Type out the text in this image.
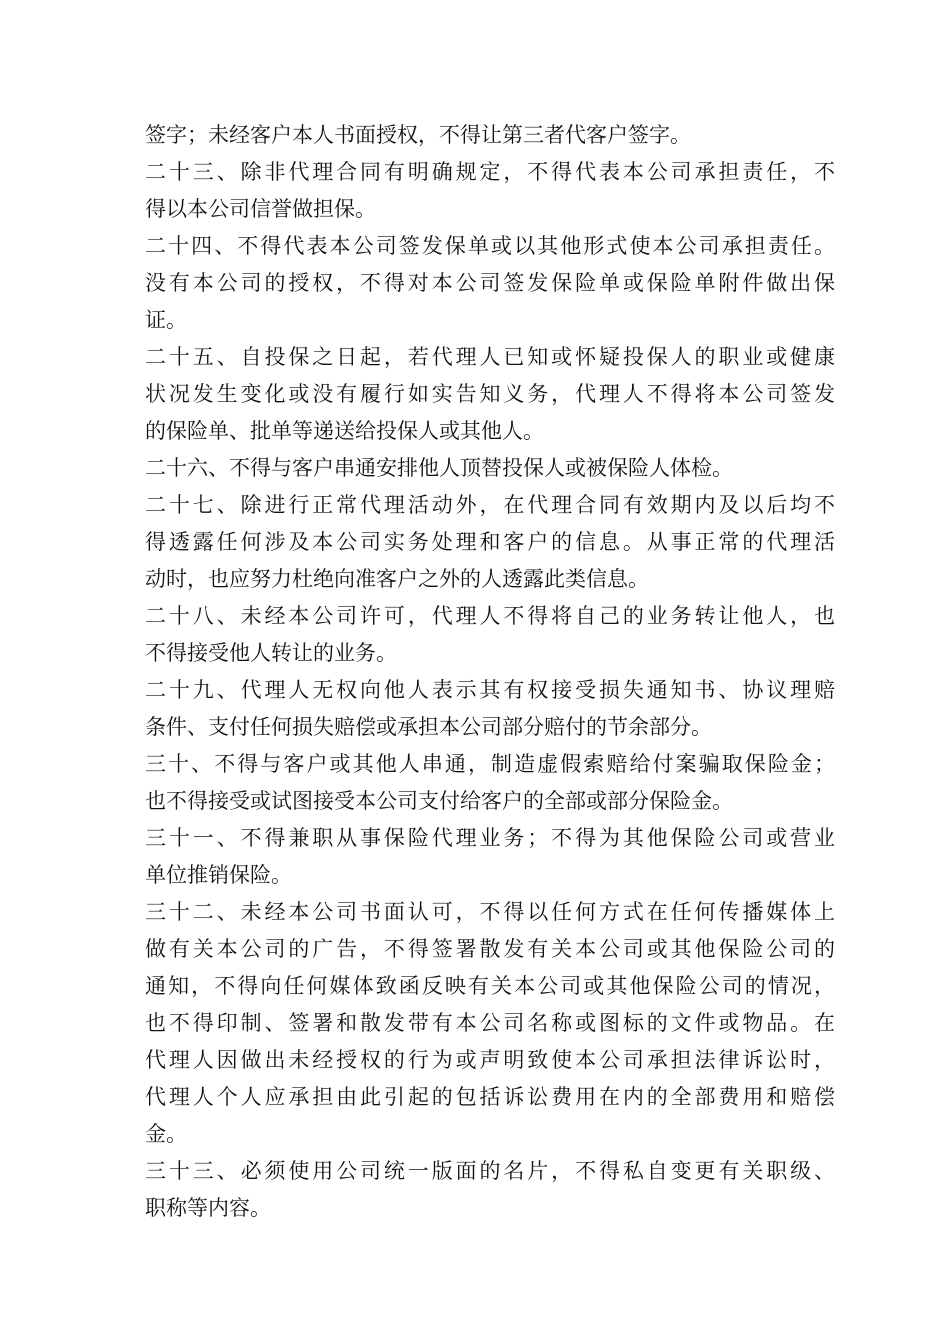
签字；未经客户本人书面授权，不得让第三者代客户签字。
二十三、除非代理合同有明确规定，不得代表本公司承担责任，不
得以本公司信誉做担保。
二十四、不得代表本公司签发保单或以其他形式使本公司承担责任。
没有本公司的授权，不得对本公司签发保险单或保险单附件做出保
证。
二十五、自投保之日起，若代理人已知或怀疑投保人的职业或健康
状况发生变化或没有履行如实告知义务，代理人不得将本公司签发
的保险单、批单等递送给投保人或其他人。
二十六、不得与客户串通安排他人顶替投保人或被保险人体检。
二十七、除进行正常代理活动外，在代理合同有效期内及以后均不
得透露任何涉及本公司实务处理和客户的信息。从事正常的代理活
动时，也应努力杜绝向准客户之外的人透露此类信息。
二十八、未经本公司许可，代理人不得将自己的业务转让他人，也
不得接受他人转让的业务。
二十九、代理人无权向他人表示其有权接受损失通知书、协议理赔
条件、支付任何损失赔偿或承担本公司部分赔付的节余部分。
三十、不得与客户或其他人串通，制造虚假索赔给付案骗取保险金；
也不得接受或试图接受本公司支付给客户的全部或部分保险金。
三十一、不得兼职从事保险代理业务；不得为其他保险公司或营业
单位推销保险。
三十二、未经本公司书面认可，不得以任何方式在任何传播媒体上
做有关本公司的广告，不得签署散发有关本公司或其他保险公司的
通知，不得向任何媒体致函反映有关本公司或其他保险公司的情况，
也不得印制、签署和散发带有本公司名称或图标的文件或物品。在
代理人因做出未经授权的行为或声明致使本公司承担法律诉讼时，
代理人个人应承担由此引起的包括诉讼费用在内的全部费用和赔偿
金。
三十三、必须使用公司统一版面的名片，不得私自变更有关职级、
职称等内容。
